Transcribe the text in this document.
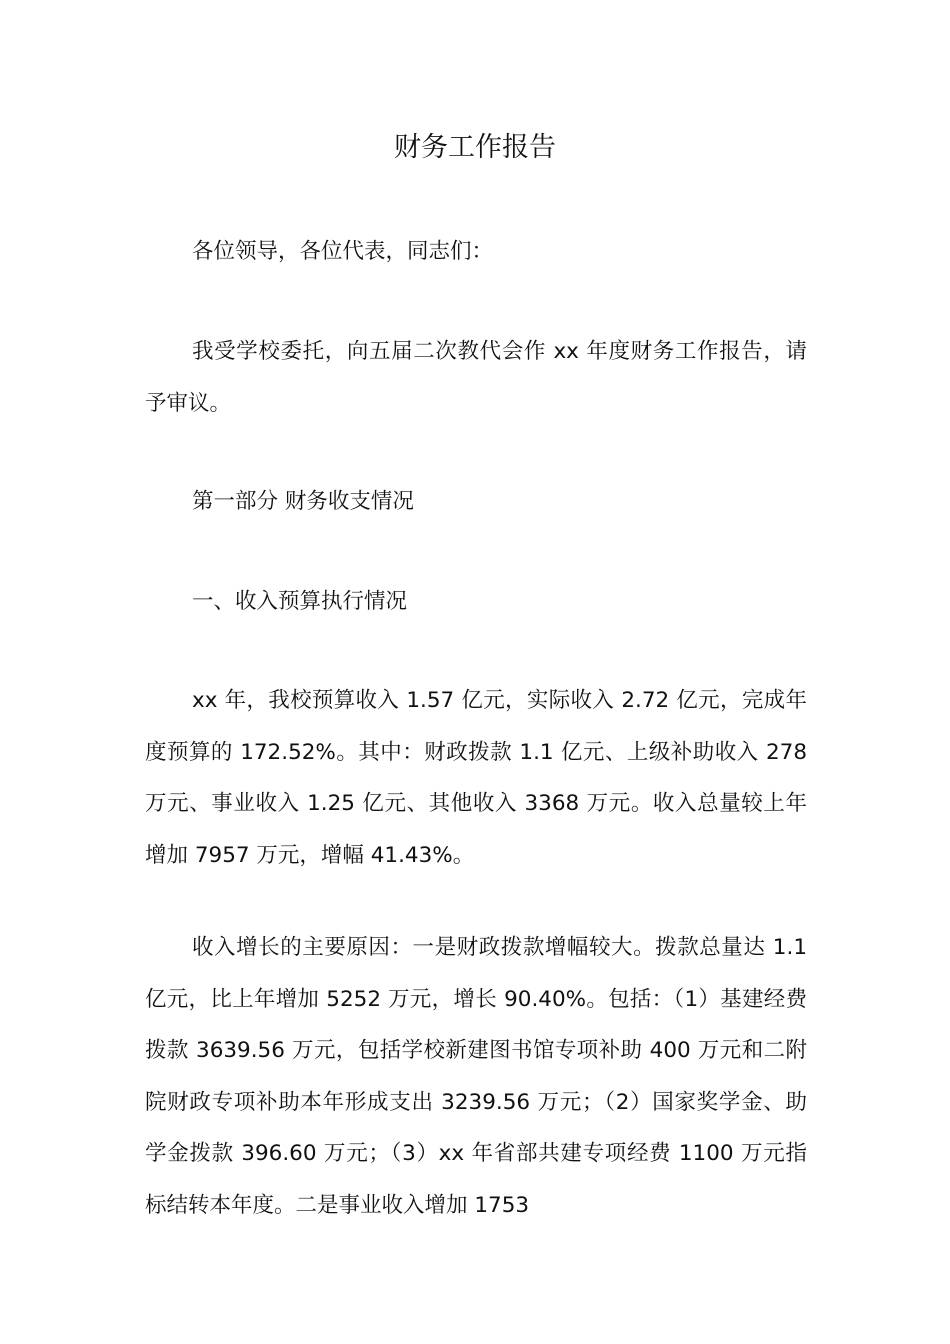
财务工作报告

各位领导，各位代表，同志们：

我受学校委托，向五届二次教代会作 xx 年度财务工作报告，请予审议。

第一部分 财务收支情况

一、收入预算执行情况

xx 年，我校预算收入 1.57 亿元，实际收入 2.72 亿元，完成年度预算的 172.52%。其中：财政拨款 1.1 亿元、上级补助收入 278 万元、事业收入 1.25 亿元、其他收入 3368 万元。收入总量较上年增加 7957 万元，增幅 41.43%。

收入增长的主要原因：一是财政拨款增幅较大。拨款总量达 1.1 亿元，比上年增加 5252 万元，增长 90.40%。包括：（1）基建经费拨款 3639.56 万元，包括学校新建图书馆专项补助 400 万元和二附院财政专项补助本年形成支出 3239.56 万元；（2）国家奖学金、助学金拨款 396.60 万元；（3）xx 年省部共建专项经费 1100 万元指标结转本年度。二是事业收入增加 1753
